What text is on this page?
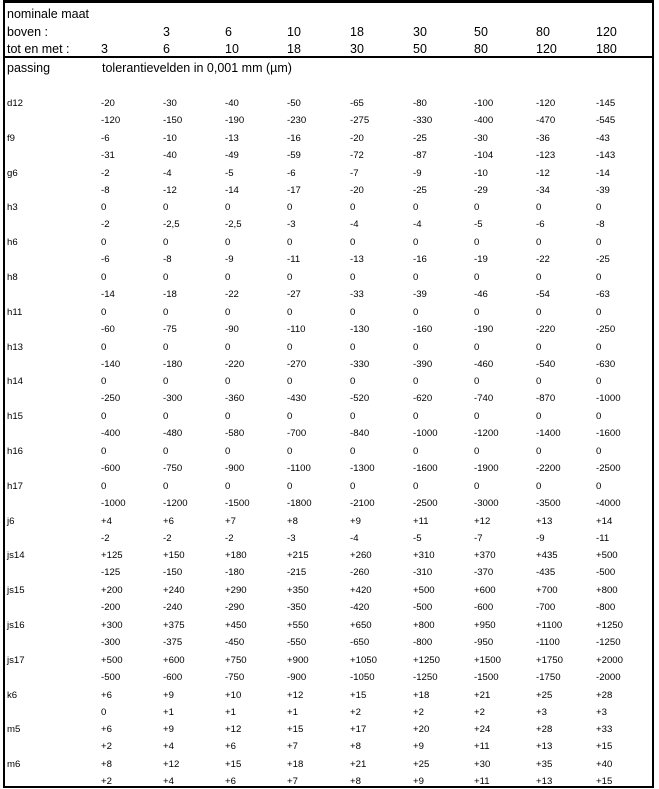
nominale maat
boven :	3	6	10	18	30	50	80	120
tot en met :	3	6	10	18	30	50	80	120	180
passing	tolerantievelden in 0,001 mm (µm)
d12	-20	-30	-40	-50	-65	-80	-100	-120	-145
-120	-150	-190	-230	-275	-330	-400	-470	-545
f9	-6	-10	-13	-16	-20	-25	-30	-36	-43
-31	-40	-49	-59	-72	-87	-104	-123	-143
g6	-2	-4	-5	-6	-7	-9	-10	-12	-14
-8	-12	-14	-17	-20	-25	-29	-34	-39
h3	0	0	0	0	0	0	0	0	0
-2	-2,5	-2,5	-3	-4	-4	-5	-6	-8
h6	0	0	0	0	0	0	0	0	0
-6	-8	-9	-11	-13	-16	-19	-22	-25
h8	0	0	0	0	0	0	0	0	0
-14	-18	-22	-27	-33	-39	-46	-54	-63
h11	0	0	0	0	0	0	0	0	0
-60	-75	-90	-110	-130	-160	-190	-220	-250
h13	0	0	0	0	0	0	0	0	0
-140	-180	-220	-270	-330	-390	-460	-540	-630
h14	0	0	0	0	0	0	0	0	0
-250	-300	-360	-430	-520	-620	-740	-870	-1000
h15	0	0	0	0	0	0	0	0	0
-400	-480	-580	-700	-840	-1000	-1200	-1400	-1600
h16	0	0	0	0	0	0	0	0	0
-600	-750	-900	-1100	-1300	-1600	-1900	-2200	-2500
h17	0	0	0	0	0	0	0	0	0
-1000	-1200	-1500	-1800	-2100	-2500	-3000	-3500	-4000
j6	+4	+6	+7	+8	+9	+11	+12	+13	+14
-2	-2	-2	-3	-4	-5	-7	-9	-11
js14	+125	+150	+180	+215	+260	+310	+370	+435	+500
-125	-150	-180	-215	-260	-310	-370	-435	-500
js15	+200	+240	+290	+350	+420	+500	+600	+700	+800
-200	-240	-290	-350	-420	-500	-600	-700	-800
js16	+300	+375	+450	+550	+650	+800	+950	+1100	+1250
-300	-375	-450	-550	-650	-800	-950	-1100	-1250
js17	+500	+600	+750	+900	+1050	+1250	+1500	+1750	+2000
-500	-600	-750	-900	-1050	-1250	-1500	-1750	-2000
k6	+6	+9	+10	+12	+15	+18	+21	+25	+28
0	+1	+1	+1	+2	+2	+2	+3	+3
m5	+6	+9	+12	+15	+17	+20	+24	+28	+33
+2	+4	+6	+7	+8	+9	+11	+13	+15
m6	+8	+12	+15	+18	+21	+25	+30	+35	+40
+2	+4	+6	+7	+8	+9	+11	+13	+15
